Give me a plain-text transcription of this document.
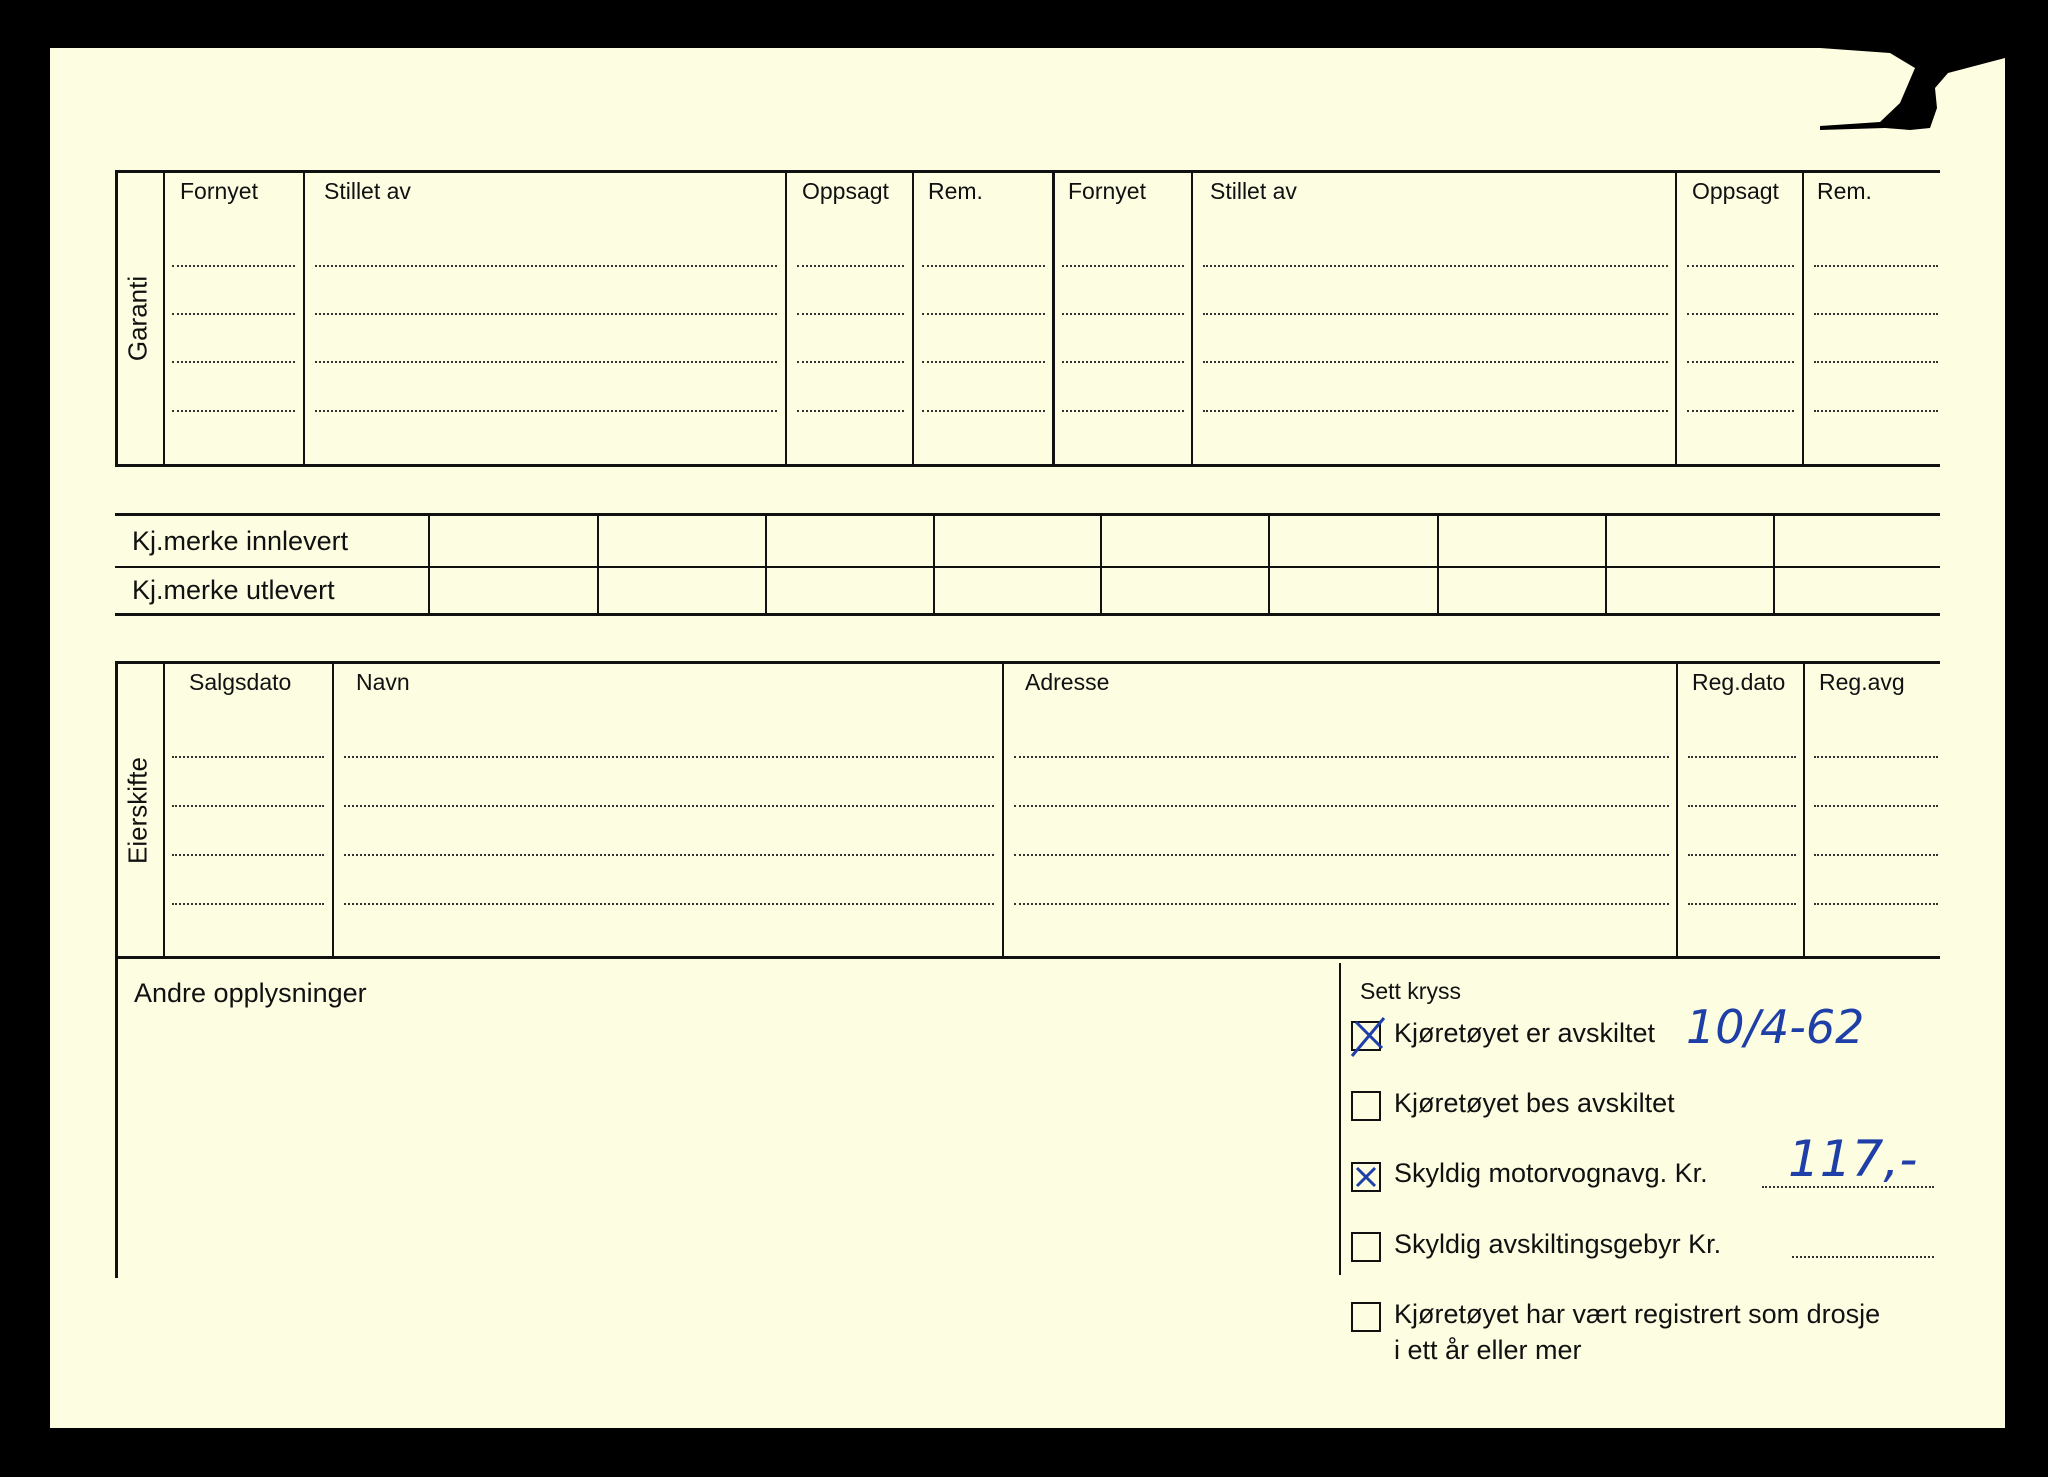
Garanti
Fornyet	Stillet av	Oppsagt Rem.	Fornyet	Stillet av	Oppsagt Rem.
Kj.merke innlevert
Kj.merke utlevert
Eierskifte
Salgsdato	Navn	Adresse	Reg.dato Reg.avg
Andre opplysninger	Sett kryss
Kjøretøyet er avskiltet 10/4-62
Kjøretøyet bes avskiltet
Skyldig motorvognavg. Kr. 117,-
Skyldig avskiltingsgebyr Kr.
Kjøretøyet har vært registrert som drosje
i ett år eller mer
